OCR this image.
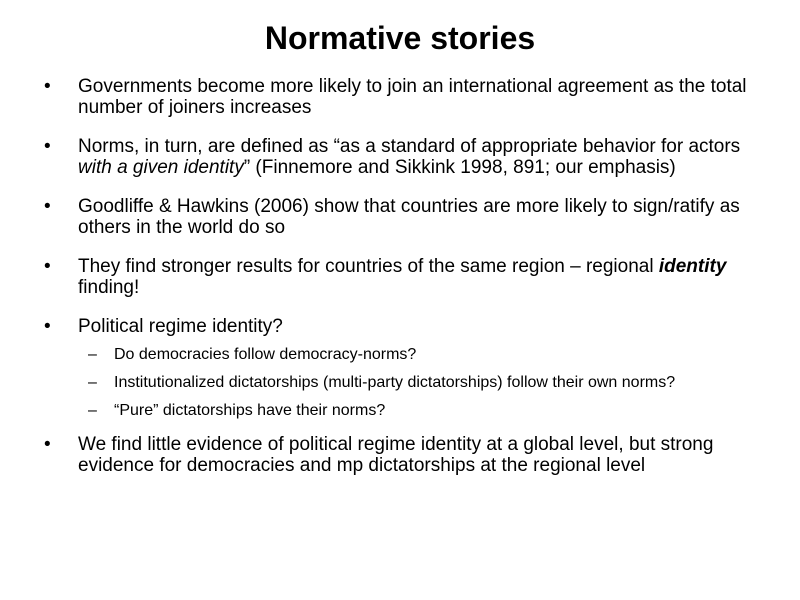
Normative stories
• Governments become more likely to join an international agreement as the total number of joiners increases
• Norms, in turn, are defined as “as a standard of appropriate behavior for actors with a given identity” (Finnemore and Sikkink 1998, 891; our emphasis)
• Goodliffe & Hawkins (2006) show that countries are more likely to sign/ratify as others in the world do so
• They find stronger results for countries of the same region – regional identity finding!
• Political regime identity?
– Do democracies follow democracy-norms?
– Institutionalized dictatorships (multi-party dictatorships) follow their own norms?
– “Pure” dictatorships have their norms?
• We find little evidence of political regime identity at a global level, but strong evidence for democracies and mp dictatorships at the regional level
